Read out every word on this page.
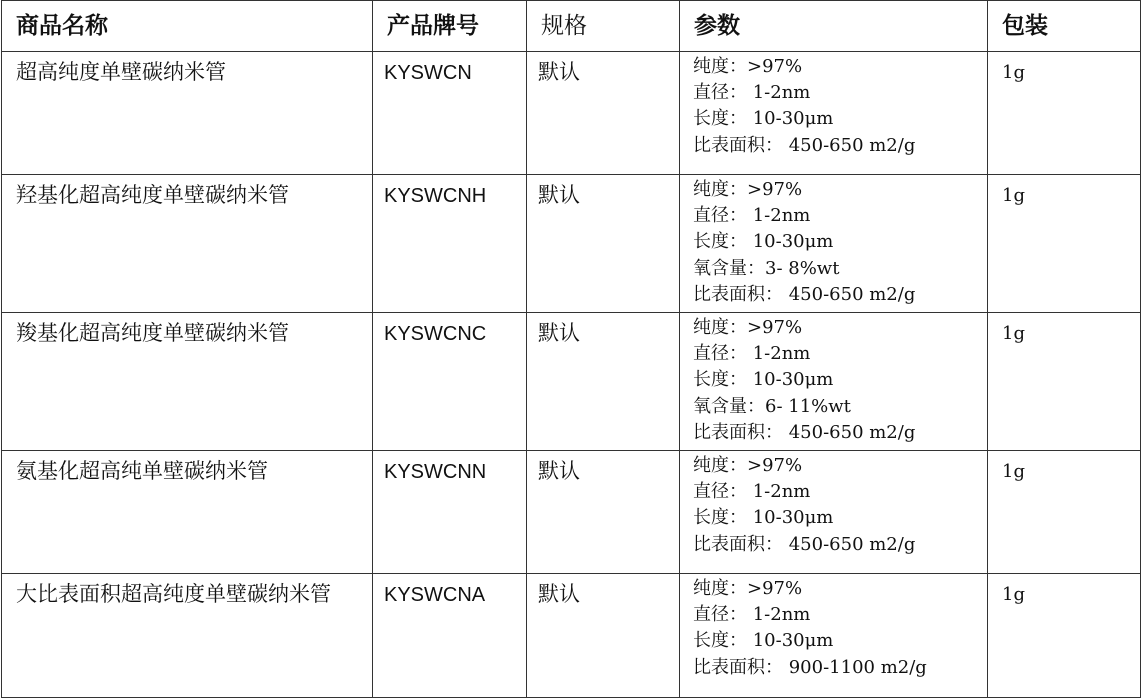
商品名称	产品牌号	规格	参数	包装

超高纯度单壁碳纳米管	KYSWCN	默认	纯度：>97%
直径： 1-2nm
长度： 10-30μm
比表面积： 450-650 m2/g	1g

羟基化超高纯度单壁碳纳米管	KYSWCNH	默认	纯度：>97%
直径： 1-2nm
长度： 10-30μm
氧含量：3- 8%wt
比表面积： 450-650 m2/g	1g

羧基化超高纯度单壁碳纳米管	KYSWCNC	默认	纯度：>97%
直径： 1-2nm
长度： 10-30μm
氧含量：6- 11%wt
比表面积： 450-650 m2/g	1g

氨基化超高纯单壁碳纳米管	KYSWCNN	默认	纯度：>97%
直径： 1-2nm
长度： 10-30μm
比表面积： 450-650 m2/g	1g

大比表面积超高纯度单壁碳纳米管	KYSWCNA	默认	纯度：>97%
直径： 1-2nm
长度： 10-30μm
比表面积： 900-1100 m2/g	1g
